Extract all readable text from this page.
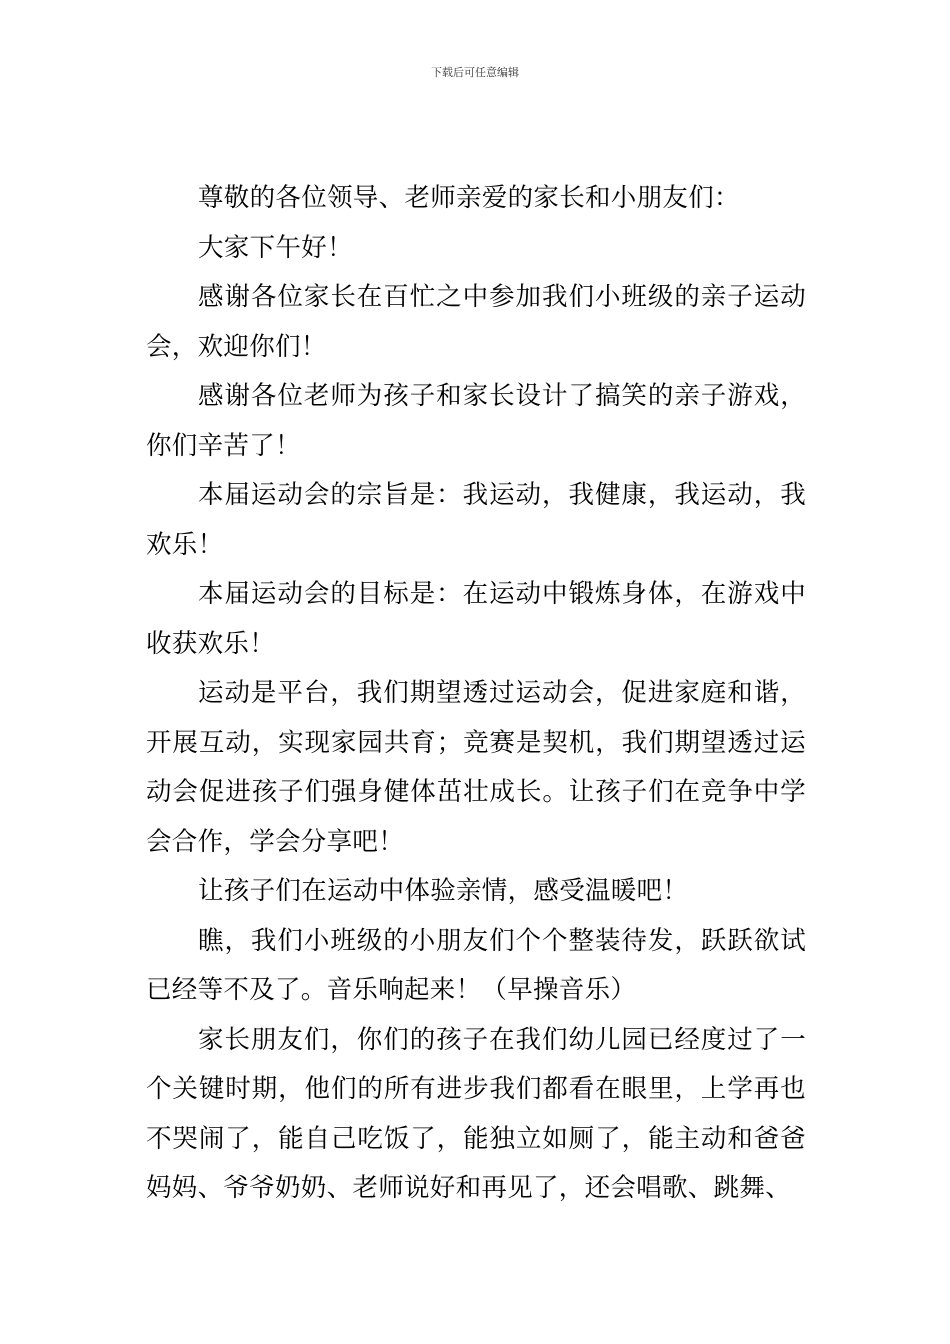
下载后可任意编辑

尊敬的各位领导、老师亲爱的家长和小朋友们：

大家下午好！

感谢各位家长在百忙之中参加我们小班级的亲子运动会，欢迎你们！

感谢各位老师为孩子和家长设计了搞笑的亲子游戏，你们辛苦了！

本届运动会的宗旨是：我运动，我健康，我运动，我欢乐！

本届运动会的目标是：在运动中锻炼身体，在游戏中收获欢乐！

运动是平台，我们期望透过运动会，促进家庭和谐，开展互动，实现家园共育；竞赛是契机，我们期望透过运动会促进孩子们强身健体茁壮成长。让孩子们在竞争中学会合作，学会分享吧！

让孩子们在运动中体验亲情，感受温暖吧！

瞧，我们小班级的小朋友们个个整装待发，跃跃欲试已经等不及了。音乐响起来！（早操音乐）

家长朋友们，你们的孩子在我们幼儿园已经度过了一个关键时期，他们的所有进步我们都看在眼里，上学再也不哭闹了，能自己吃饭了，能独立如厕了，能主动和爸爸妈妈、爷爷奶奶、老师说好和再见了，还会唱歌、跳舞、
